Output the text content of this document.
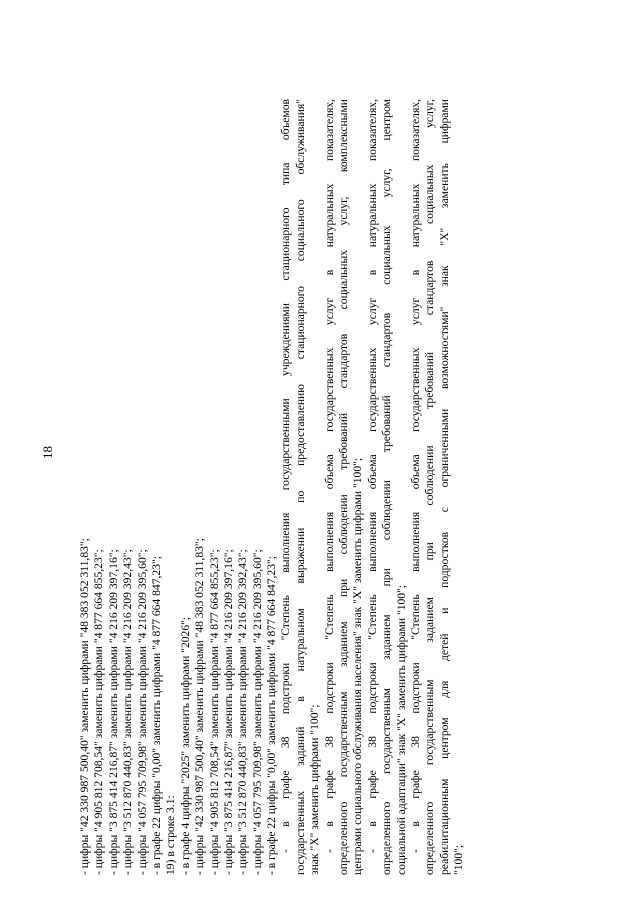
18
- цифры "42 330 987 500,40" заменить цифрами "48 383 052 311,83"; - цифры "4 905 812 708,54" заменить цифрами "4 877 664 855,23"; - цифры "3 875 414 216,87" заменить цифрами "4 216 209 397,16"; - цифры "3 512 870 440,83" заменить цифрами "4 216 209 392,43"; - цифры "4 057 795 709,98" заменить цифрами "4 216 209 395,60"; - в графе 22 цифры "0,00" заменить цифрами "4 877 664 847,23"; 19) в строке 3.1: - в графе 4 цифры "2025" заменить цифрами "2026"; - цифры "42 330 987 500,40" заменить цифрами "48 383 052 311,83"; - цифры "4 905 812 708,54" заменить цифрами "4 877 664 855,23"; - цифры "3 875 414 216,87" заменить цифрами "4 216 209 397,16"; - цифры "3 512 870 440,83" заменить цифрами "4 216 209 392,43"; - цифры "4 057 795 709,98" заменить цифрами "4 216 209 395,60"; - в графе 22 цифры "0,00" заменить цифрами "4 877 664 847,23"; - в графе 38 подстроки "Степень выполнения государственными учреждениями стационарного типа объемов государственных заданий в натуральном выражении по предоставлению стационарного социального обслуживания" знак "X" заменить цифрами "100"; - в графе 38 подстроки "Степень выполнения объема государственных услуг в натуральных показателях, определенного государственным заданием при соблюдении требований стандартов социальных услуг, комплексными центрами социального обслуживания населения" знак "X" заменить цифрами "100"; - в графе 38 подстроки "Степень выполнения объема государственных услуг в натуральных показателях, определенного государственным заданием при соблюдении требований стандартов социальных услуг, центром социальной адаптации" знак "X" заменить цифрами "100"; - в графе 38 подстроки "Степень выполнения объема государственных услуг в натуральных показателях, определенного государственным заданием при соблюдении требований стандартов социальных услуг, реабилитационным центром для детей и подростков с ограниченными возможностями" знак "X" заменить цифрами "100";
